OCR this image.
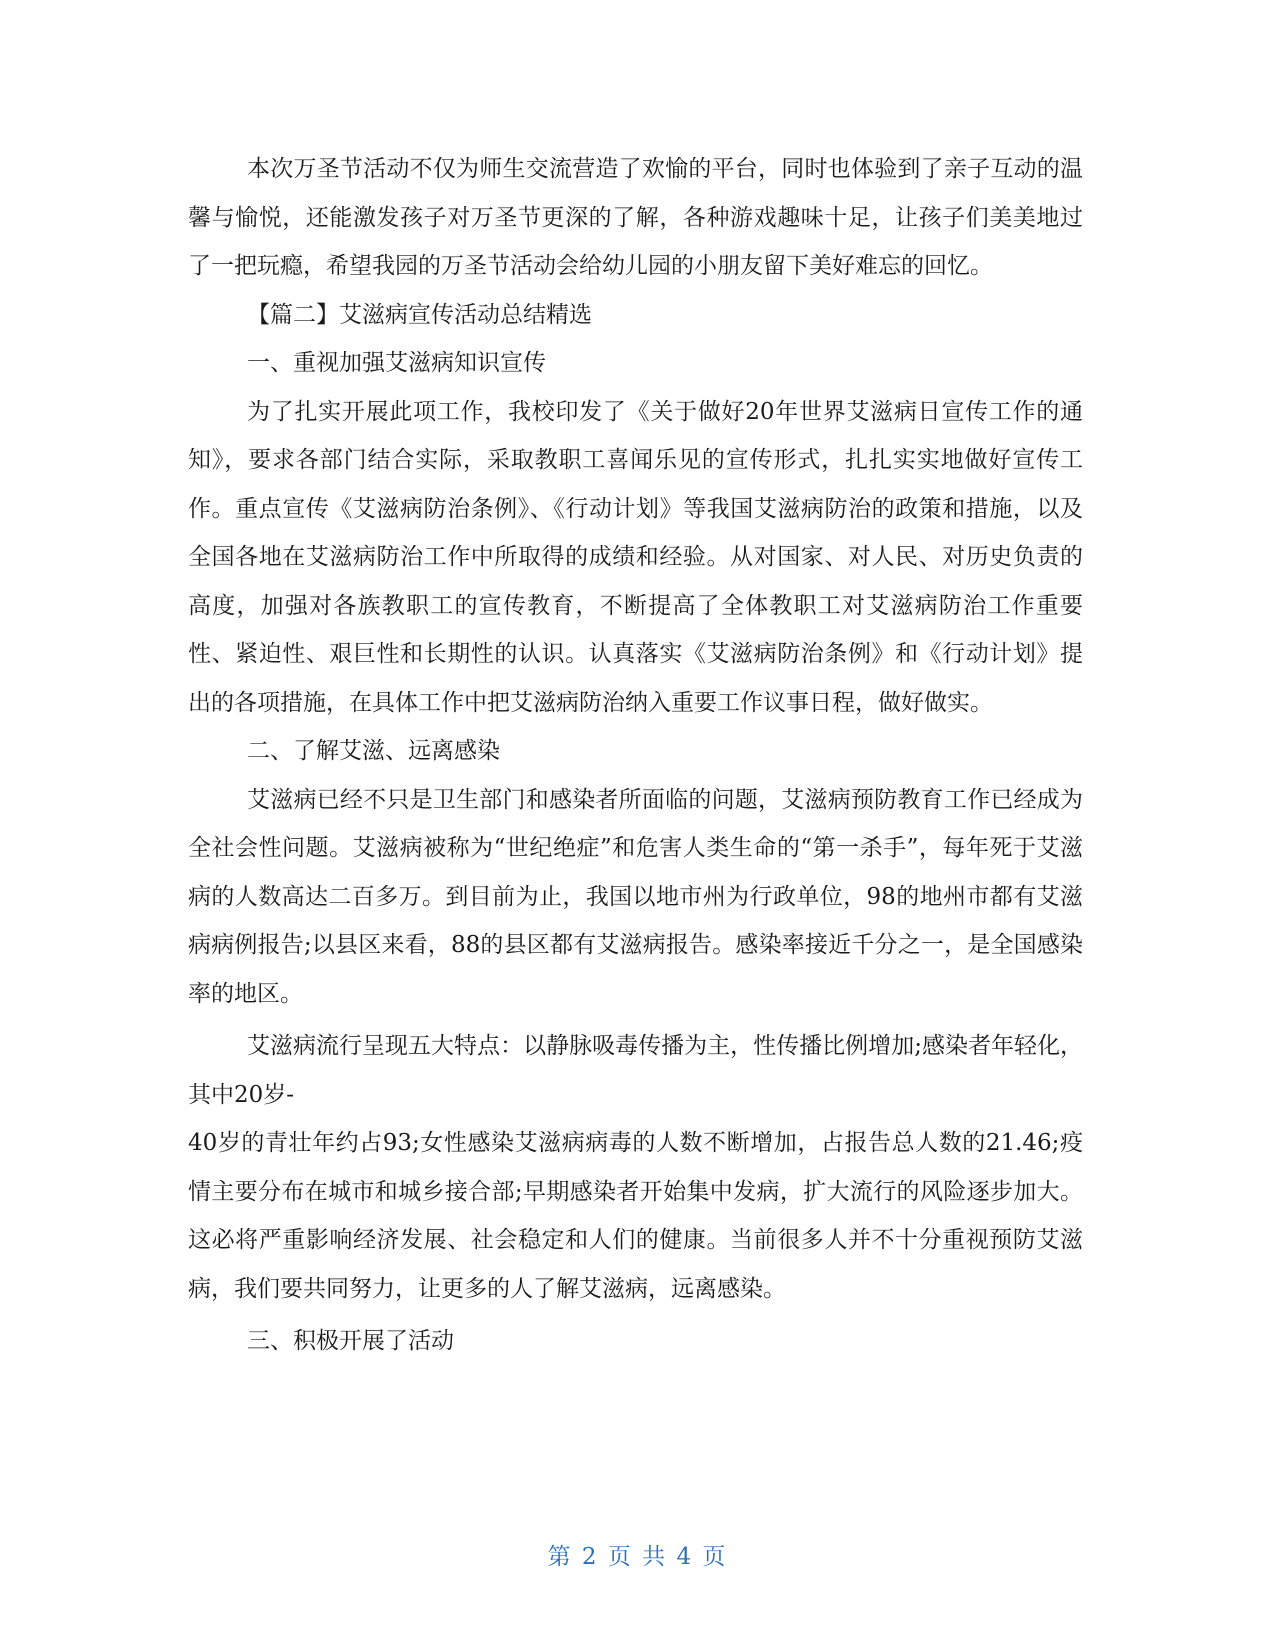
本次万圣节活动不仅为师生交流营造了欢愉的平台，同时也体验到了亲子互动的温馨与愉悦，还能激发孩子对万圣节更深的了解，各种游戏趣味十足，让孩子们美美地过了一把玩瘾，希望我园的万圣节活动会给幼儿园的小朋友留下美好难忘的回忆。

【篇二】艾滋病宣传活动总结精选

一、重视加强艾滋病知识宣传

为了扎实开展此项工作，我校印发了《关于做好20年世界艾滋病日宣传工作的通知》，要求各部门结合实际，采取教职工喜闻乐见的宣传形式，扎扎实实地做好宣传工作。重点宣传《艾滋病防治条例》、《行动计划》等我国艾滋病防治的政策和措施，以及全国各地在艾滋病防治工作中所取得的成绩和经验。从对国家、对人民、对历史负责的高度，加强对各族教职工的宣传教育，不断提高了全体教职工对艾滋病防治工作重要性、紧迫性、艰巨性和长期性的认识。认真落实《艾滋病防治条例》和《行动计划》提出的各项措施，在具体工作中把艾滋病防治纳入重要工作议事日程，做好做实。

二、了解艾滋、远离感染

艾滋病已经不只是卫生部门和感染者所面临的问题，艾滋病预防教育工作已经成为全社会性问题。艾滋病被称为“世纪绝症”和危害人类生命的“第一杀手”，每年死于艾滋病的人数高达二百多万。到目前为止，我国以地市州为行政单位，98的地州市都有艾滋病病例报告;以县区来看，88的县区都有艾滋病报告。感染率接近千分之一，是全国感染率的地区。

艾滋病流行呈现五大特点：以静脉吸毒传播为主，性传播比例增加;感染者年轻化，其中20岁-
40岁的青壮年约占93;女性感染艾滋病病毒的人数不断增加，占报告总人数的21.46;疫情主要分布在城市和城乡接合部;早期感染者开始集中发病，扩大流行的风险逐步加大。这必将严重影响经济发展、社会稳定和人们的健康。当前很多人并不十分重视预防艾滋病，我们要共同努力，让更多的人了解艾滋病，远离感染。

三、积极开展了活动

第 2 页 共 4 页
